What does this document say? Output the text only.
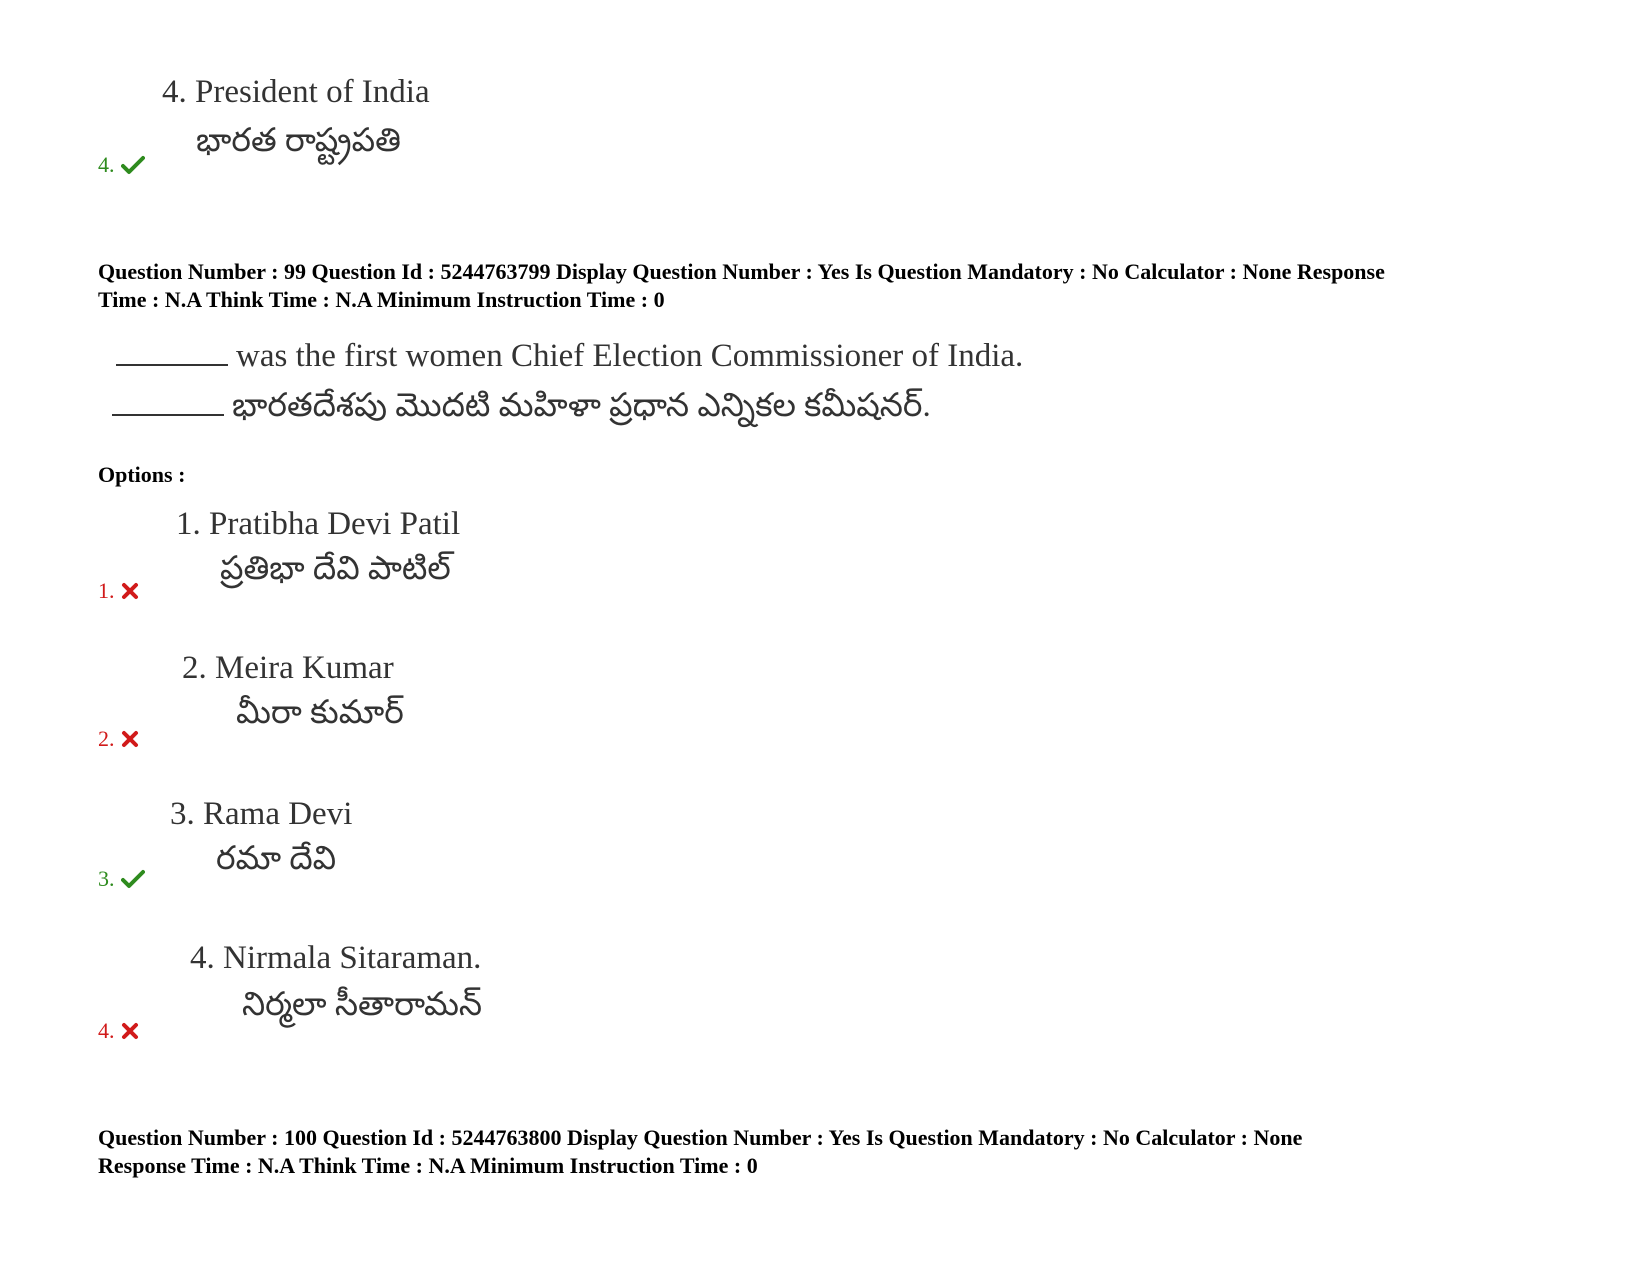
4. President of India
భారత రాష్ట్రపతి
4.
Question Number : 99 Question Id : 5244763799 Display Question Number : Yes Is Question Mandatory : No Calculator : None Response
Time : N.A Think Time : N.A Minimum Instruction Time : 0
was the first women Chief Election Commissioner of India.
భారతదేశపు మొదటి మహిళా ప్రధాన ఎన్నికల కమీషనర్.
Options :
1. Pratibha Devi Patil
ప్రతిభా దేవి పాటిల్
1.
2. Meira Kumar
మీరా కుమార్
2.
3. Rama Devi
రమా దేవి
3.
4. Nirmala Sitaraman.
నిర్మలా సీతారామన్
4.
Question Number : 100 Question Id : 5244763800 Display Question Number : Yes Is Question Mandatory : No Calculator : None
Response Time : N.A Think Time : N.A Minimum Instruction Time : 0
